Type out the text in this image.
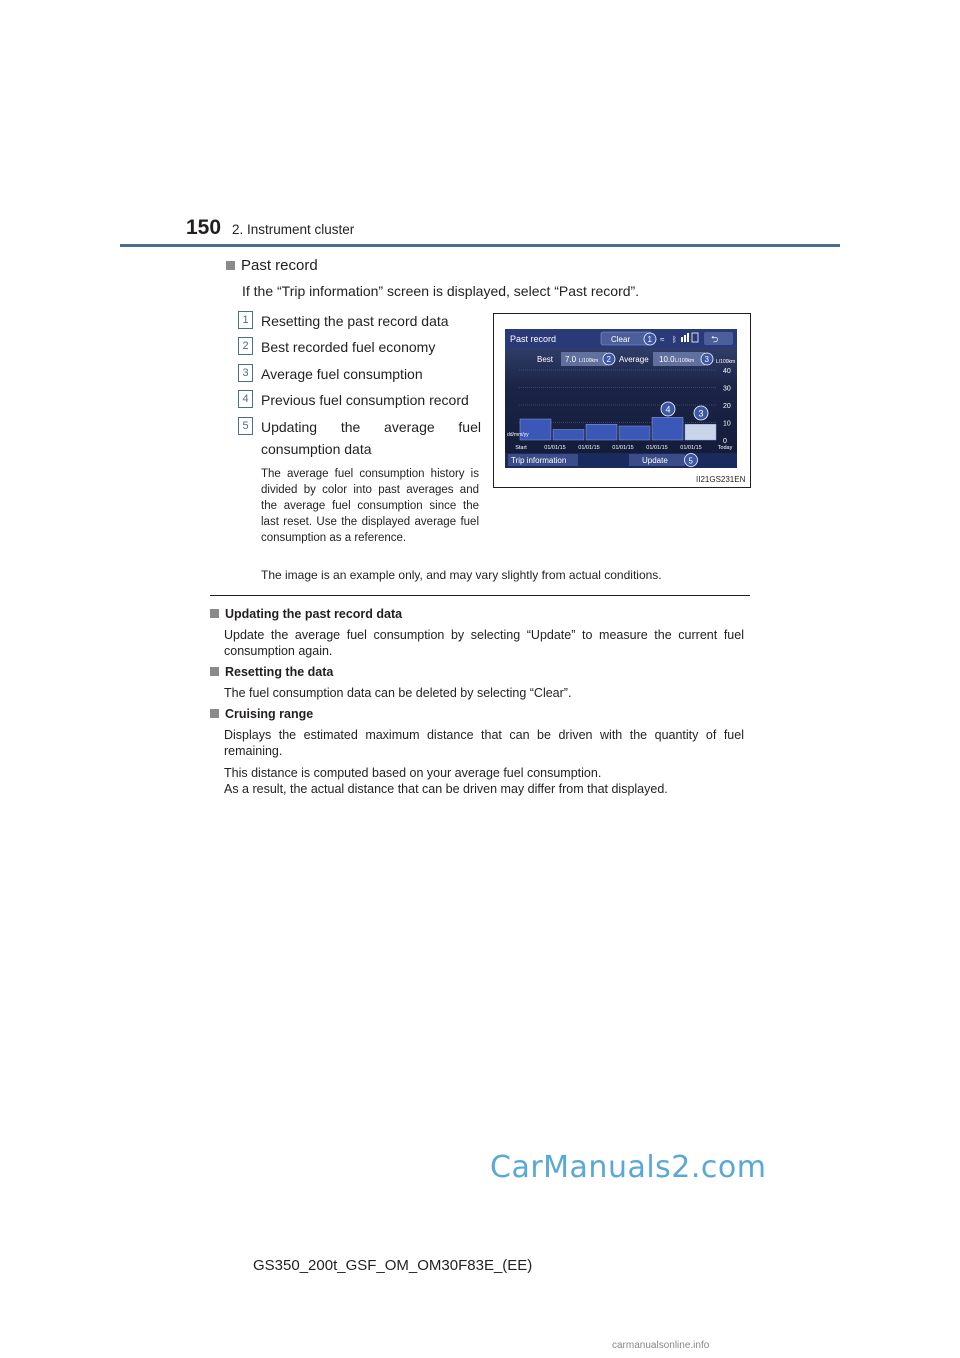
150 2. Instrument cluster
Past record
If the “Trip information” screen is displayed, select “Past record”.
1 Resetting the past record data
2 Best recorded fuel economy
3 Average fuel consumption
4 Previous fuel consumption record
5 Updating the average fuel consumption data
The average fuel consumption history is divided by color into past averages and the average fuel consumption since the last reset. Use the displayed average fuel consumption as a reference.
Past record	Clear 1 ≈ ᛒ	⮌
Best 7.0 L/100km 2 Average 10.0 L/100km 3 L/100km
0
10
20
30
40
dd/mm/yy
4	3
Start	01/01/15 01/01/15 01/01/15 01/01/15 01/01/15	Today
Trip information	Update	5
II21GS231EN
The image is an example only, and may vary slightly from actual conditions.
Updating the past record data
Update the average fuel consumption by selecting “Update” to measure the current fuel consumption again.
Resetting the data
The fuel consumption data can be deleted by selecting “Clear”.
Cruising range
Displays the estimated maximum distance that can be driven with the quantity of fuel remaining.
This distance is computed based on your average fuel consumption.
As a result, the actual distance that can be driven may differ from that displayed.
CarManuals2.com
GS350_200t_GSF_OM_OM30F83E_(EE)
carmanualsonline.info
